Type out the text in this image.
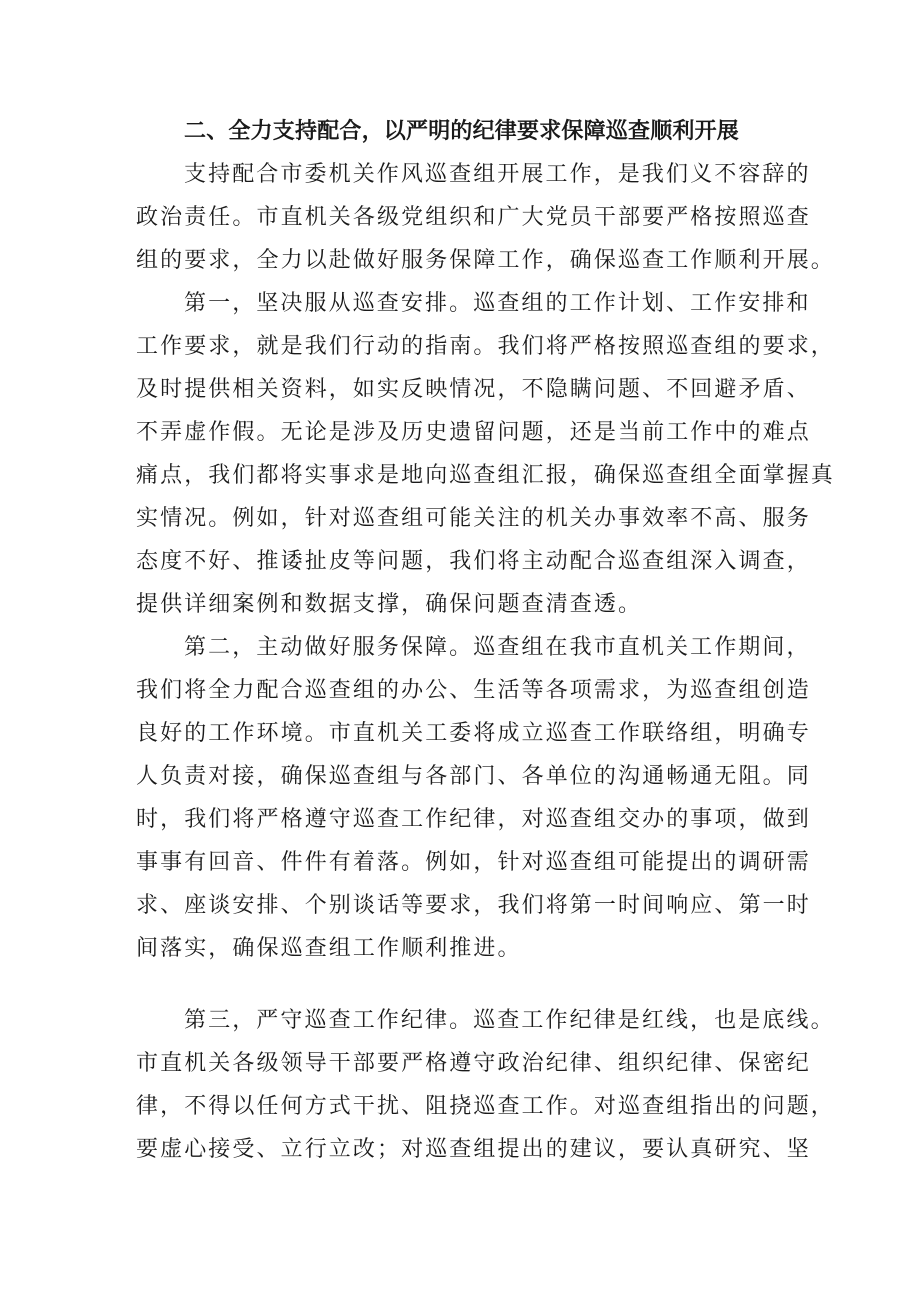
二、全力支持配合，以严明的纪律要求保障巡查顺利开展
支持配合市委机关作风巡查组开展工作，是我们义不容辞的
政治责任。市直机关各级党组织和广大党员干部要严格按照巡查
组的要求，全力以赴做好服务保障工作，确保巡查工作顺利开展。
第一，坚决服从巡查安排。巡查组的工作计划、工作安排和
工作要求，就是我们行动的指南。我们将严格按照巡查组的要求，
及时提供相关资料，如实反映情况，不隐瞒问题、不回避矛盾、
不弄虚作假。无论是涉及历史遗留问题，还是当前工作中的难点
痛点，我们都将实事求是地向巡查组汇报，确保巡查组全面掌握真
实情况。例如，针对巡查组可能关注的机关办事效率不高、服务
态度不好、推诿扯皮等问题，我们将主动配合巡查组深入调查，
提供详细案例和数据支撑，确保问题查清查透。
第二，主动做好服务保障。巡查组在我市直机关工作期间，
我们将全力配合巡查组的办公、生活等各项需求，为巡查组创造
良好的工作环境。市直机关工委将成立巡查工作联络组，明确专
人负责对接，确保巡查组与各部门、各单位的沟通畅通无阻。同
时，我们将严格遵守巡查工作纪律，对巡查组交办的事项，做到
事事有回音、件件有着落。例如，针对巡查组可能提出的调研需
求、座谈安排、个别谈话等要求，我们将第一时间响应、第一时
间落实，确保巡查组工作顺利推进。
第三，严守巡查工作纪律。巡查工作纪律是红线，也是底线。
市直机关各级领导干部要严格遵守政治纪律、组织纪律、保密纪
律，不得以任何方式干扰、阻挠巡查工作。对巡查组指出的问题，
要虚心接受、立行立改；对巡查组提出的建议，要认真研究、坚
